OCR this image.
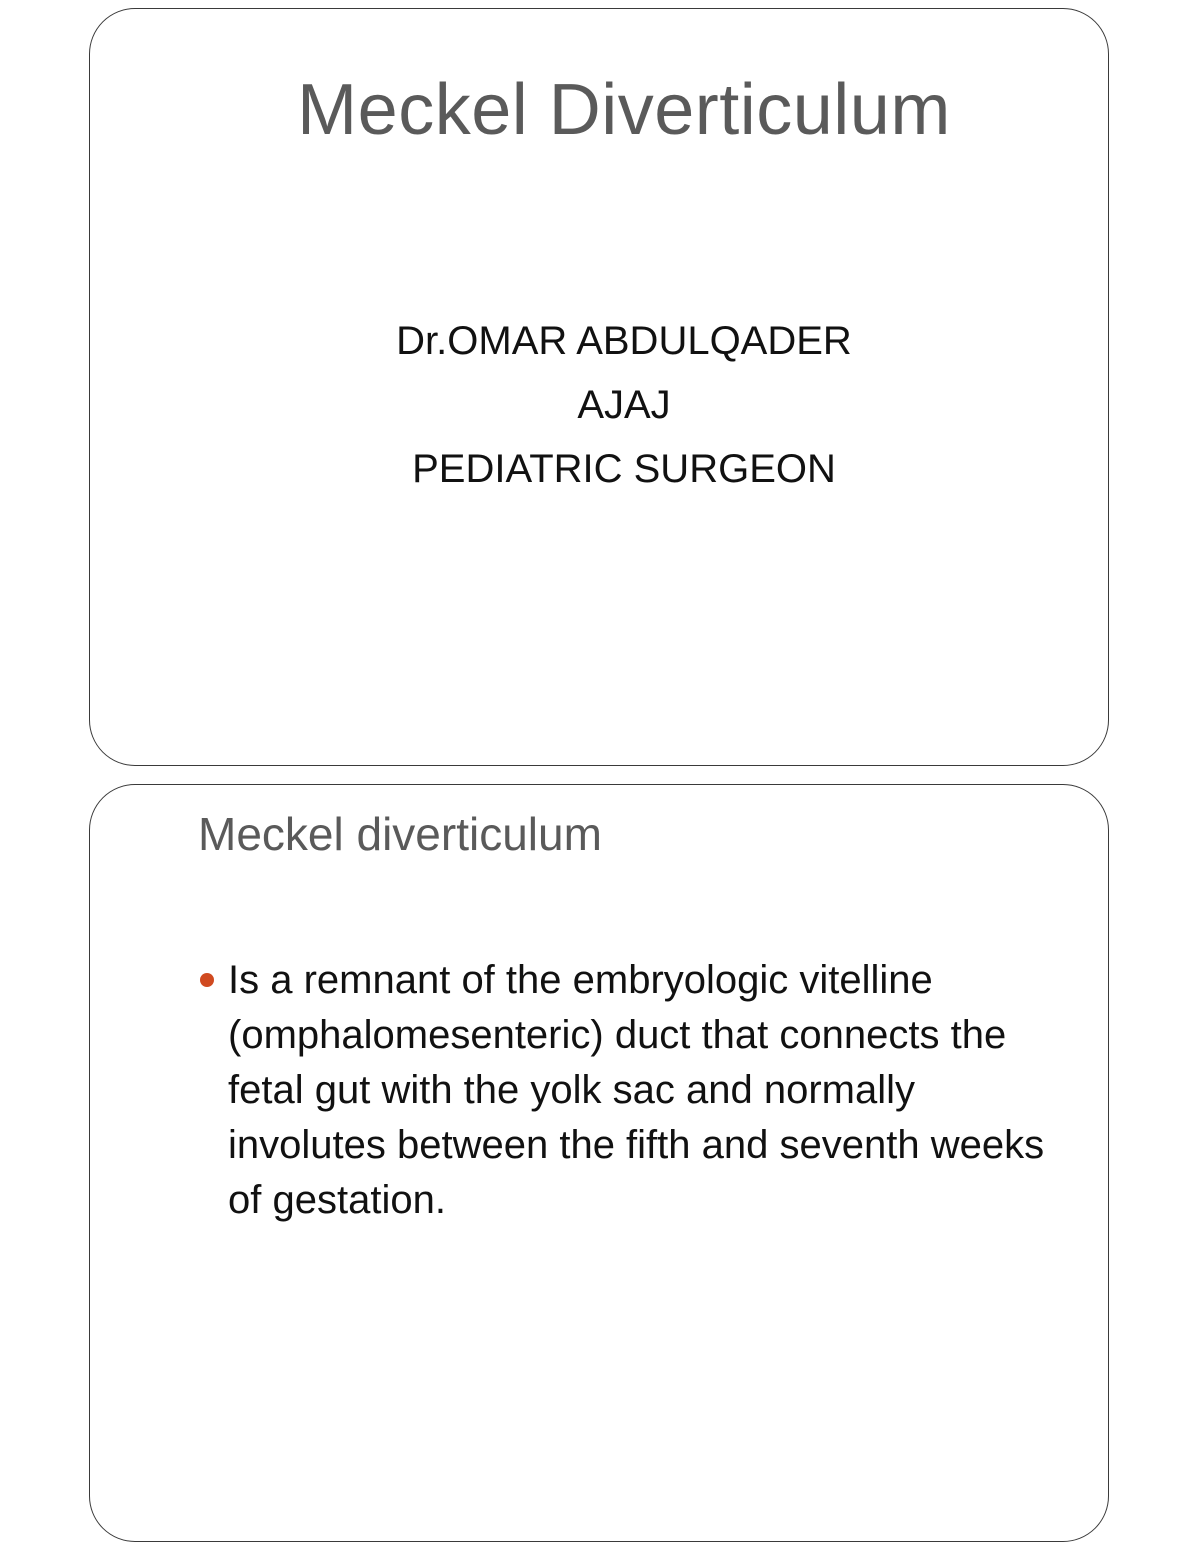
Meckel Diverticulum
Dr.OMAR ABDULQADER
AJAJ
PEDIATRIC SURGEON
Meckel diverticulum
Is a remnant of the embryologic vitelline (omphalomesenteric) duct that connects the fetal gut with the yolk sac and normally involutes between the fifth and seventh weeks of gestation.
